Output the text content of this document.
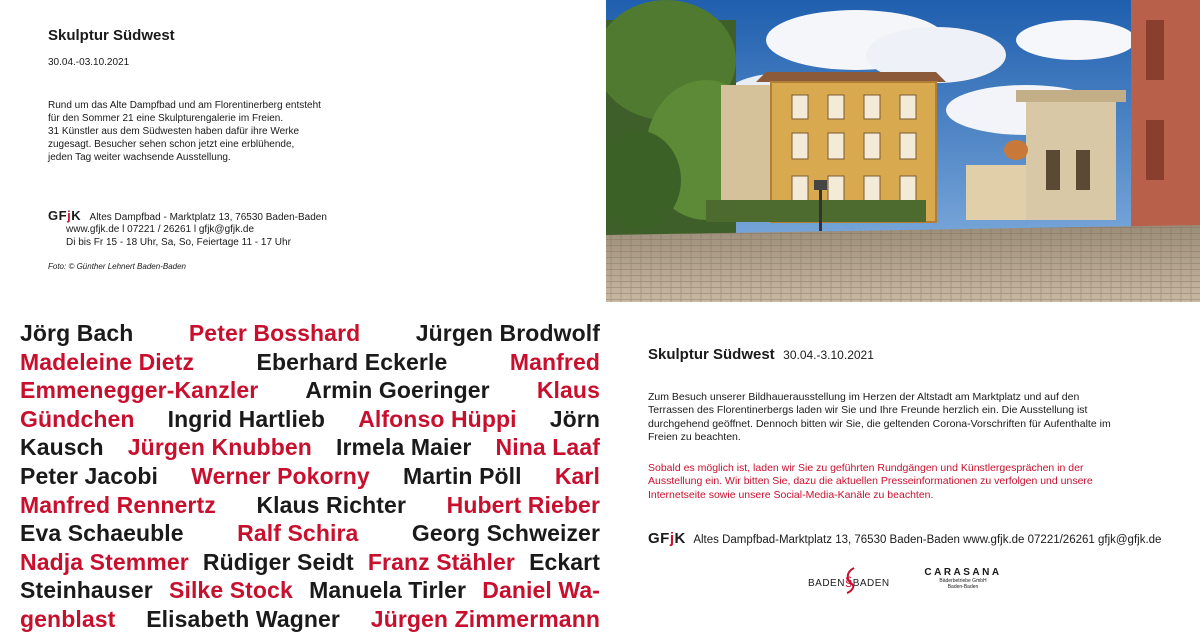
Skulptur Südwest
30.04.-03.10.2021
Rund um das Alte Dampfbad und am Florentinerberg entsteht
für den Sommer 21 eine Skulpturengalerie im Freien.
31 Künstler aus dem Südwesten haben dafür ihre Werke
zugesagt. Besucher sehen schon jetzt eine erblühende,
jeden Tag weiter wachsende Ausstellung.
GFjK Altes Dampfbad - Marktplatz 13, 76530 Baden-Baden
www.gfjk.de l 07221 / 26261 l gfjk@gfjk.de
Di bis Fr 15 - 18 Uhr, Sa, So, Feiertage 11 - 17 Uhr
Foto: © Günther Lehnert Baden-Baden
Jörg Bach Peter Bosshard Jürgen Brodwolf
Madeleine Dietz	Eberhard Eckerle	Manfred
Emmenegger-Kanzler Armin Goeringer Klaus
Gündchen Ingrid Hartlieb Alfonso Hüppi Jörn
Kausch Jürgen Knubben Irmela Maier Nina Laaf
Peter Jacobi Werner Pokorny Martin Pöll Karl
Manfred Rennertz Klaus Richter Hubert Rieber
Eva Schaeuble Ralf Schira Georg Schweizer
Nadja Stemmer Rüdiger Seidt Franz Stähler Eckart
Steinhauser Silke Stock Manuela Tirler Daniel Wa-
genblast Elisabeth Wagner Jürgen Zimmermann
Skulptur Südwest 30.04.-3.10.2021
Zum Besuch unserer Bildhauerausstellung im Herzen der Altstadt am Marktplatz und auf den
Terrassen des Florentinerbergs laden wir Sie und Ihre Freunde herzlich ein. Die Ausstellung ist
durchgehend geöffnet. Dennoch bitten wir Sie, die geltenden Corona-Vorschriften für Aufenthalte im
Freien zu beachten.
Sobald es möglich ist, laden wir Sie zu geführten Rundgängen und Künstlergesprächen in der
Ausstellung ein. Wir bitten Sie, dazu die aktuellen Presseinformationen zu verfolgen und unsere
Internetseite sowie unsere Social-Media-Kanäle zu beachten.
GFjK Altes Dampfbad-Marktplatz 13, 76530 Baden-Baden www.gfjk.de 07221/26261 gfjk@gfjk.de
BADEN§BADEN
CARASANA
Bäderbetriebe GmbH
Baden-Baden
